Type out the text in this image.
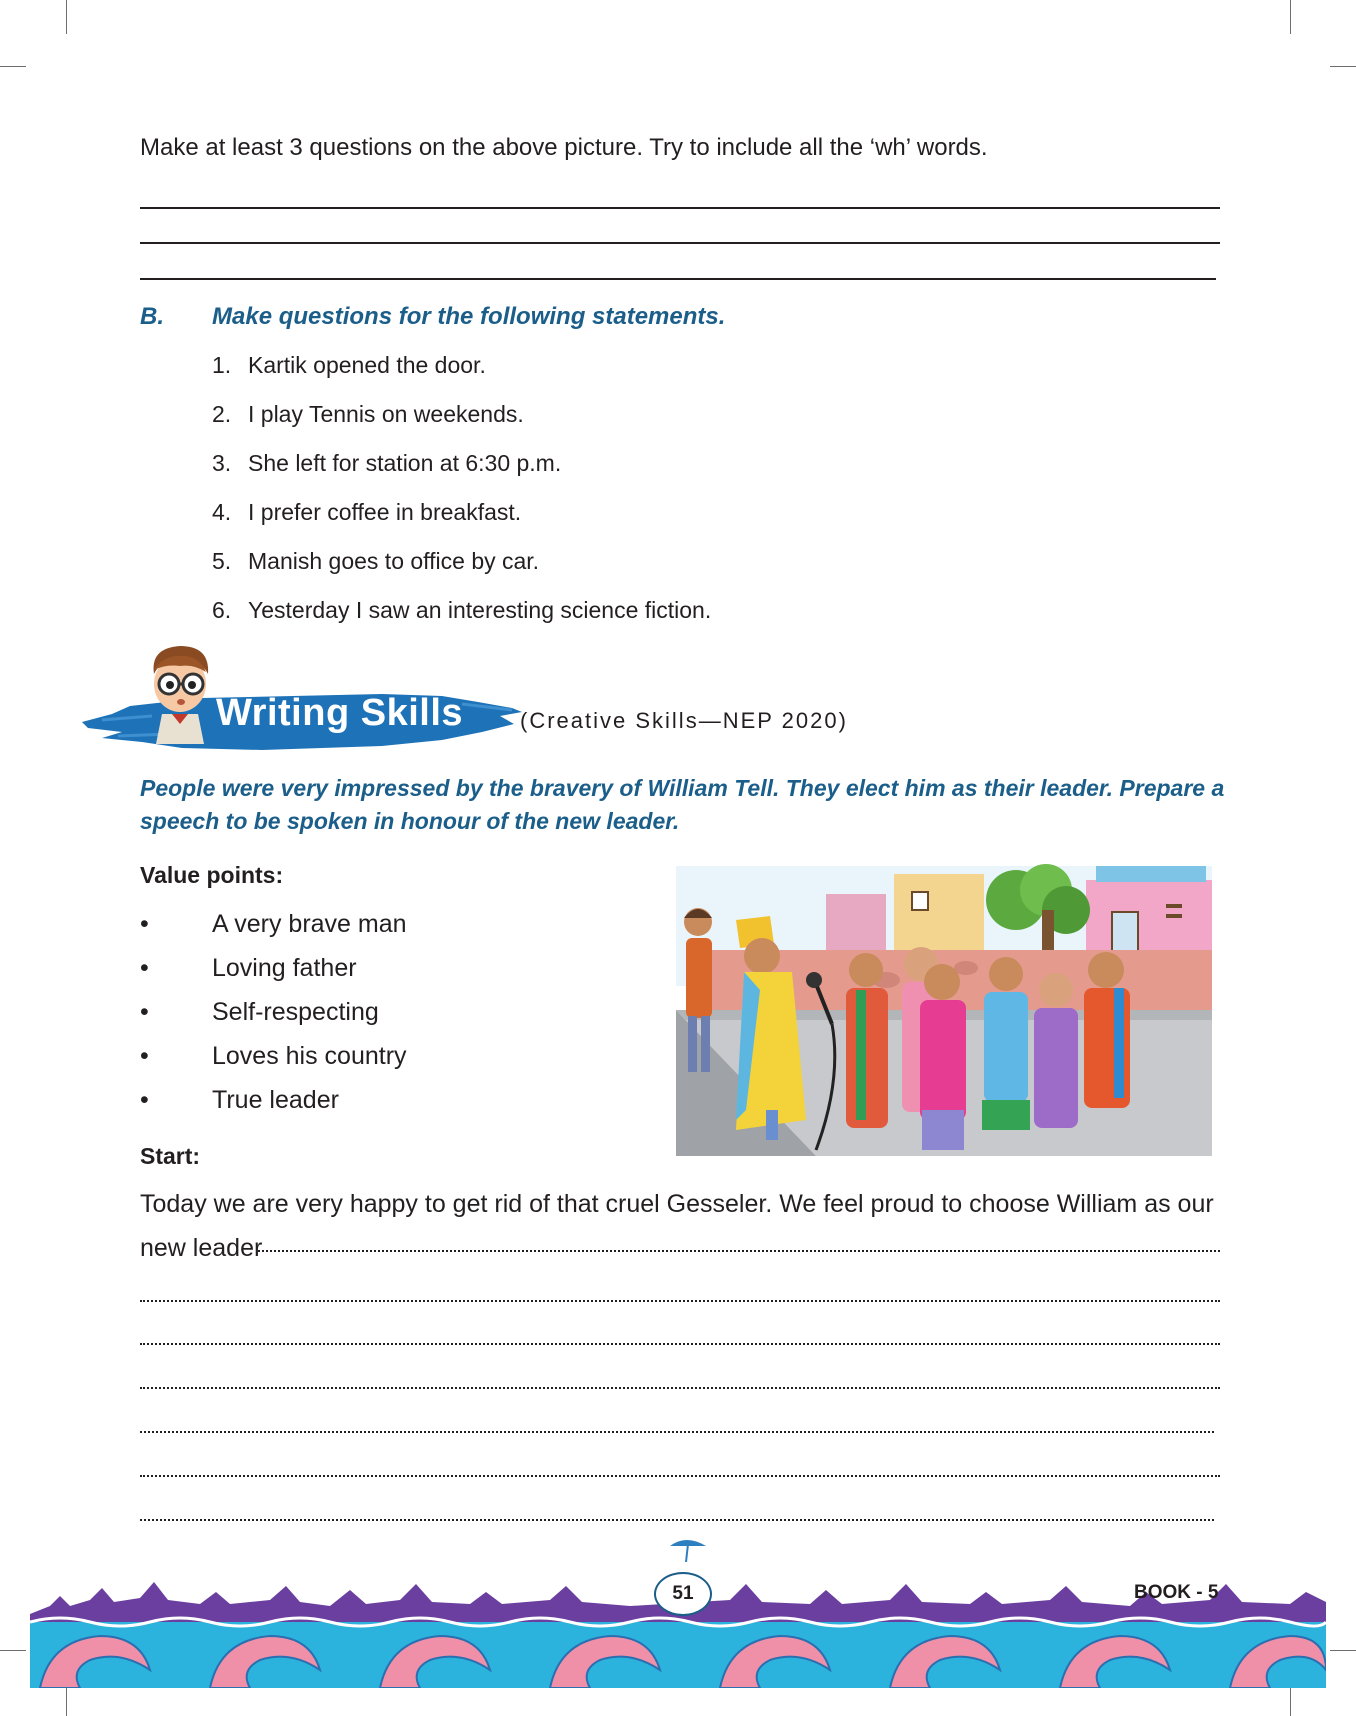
Make at least 3 questions on the above picture. Try to include all the ‘wh’ words.
B. Make questions for the following statements.
1. Kartik opened the door.
2. I play Tennis on weekends.
3. She left for station at 6:30 p.m.
4. I prefer coffee in breakfast.
5. Manish goes to office by car.
6. Yesterday I saw an interesting science fiction.
Writing Skills	(Creative Skills—NEP 2020)
People were very impressed by the bravery of William Tell. They elect him as their leader. Prepare a speech to be spoken in honour of the new leader.
Value points:
•	A very brave man
•	Loving father
•	Self-respecting
•	Loves his country
•	True leader
Start:
Today we are very happy to get rid of that cruel Gesseler. We feel proud to choose William as our new leader
51	BOOK - 5
